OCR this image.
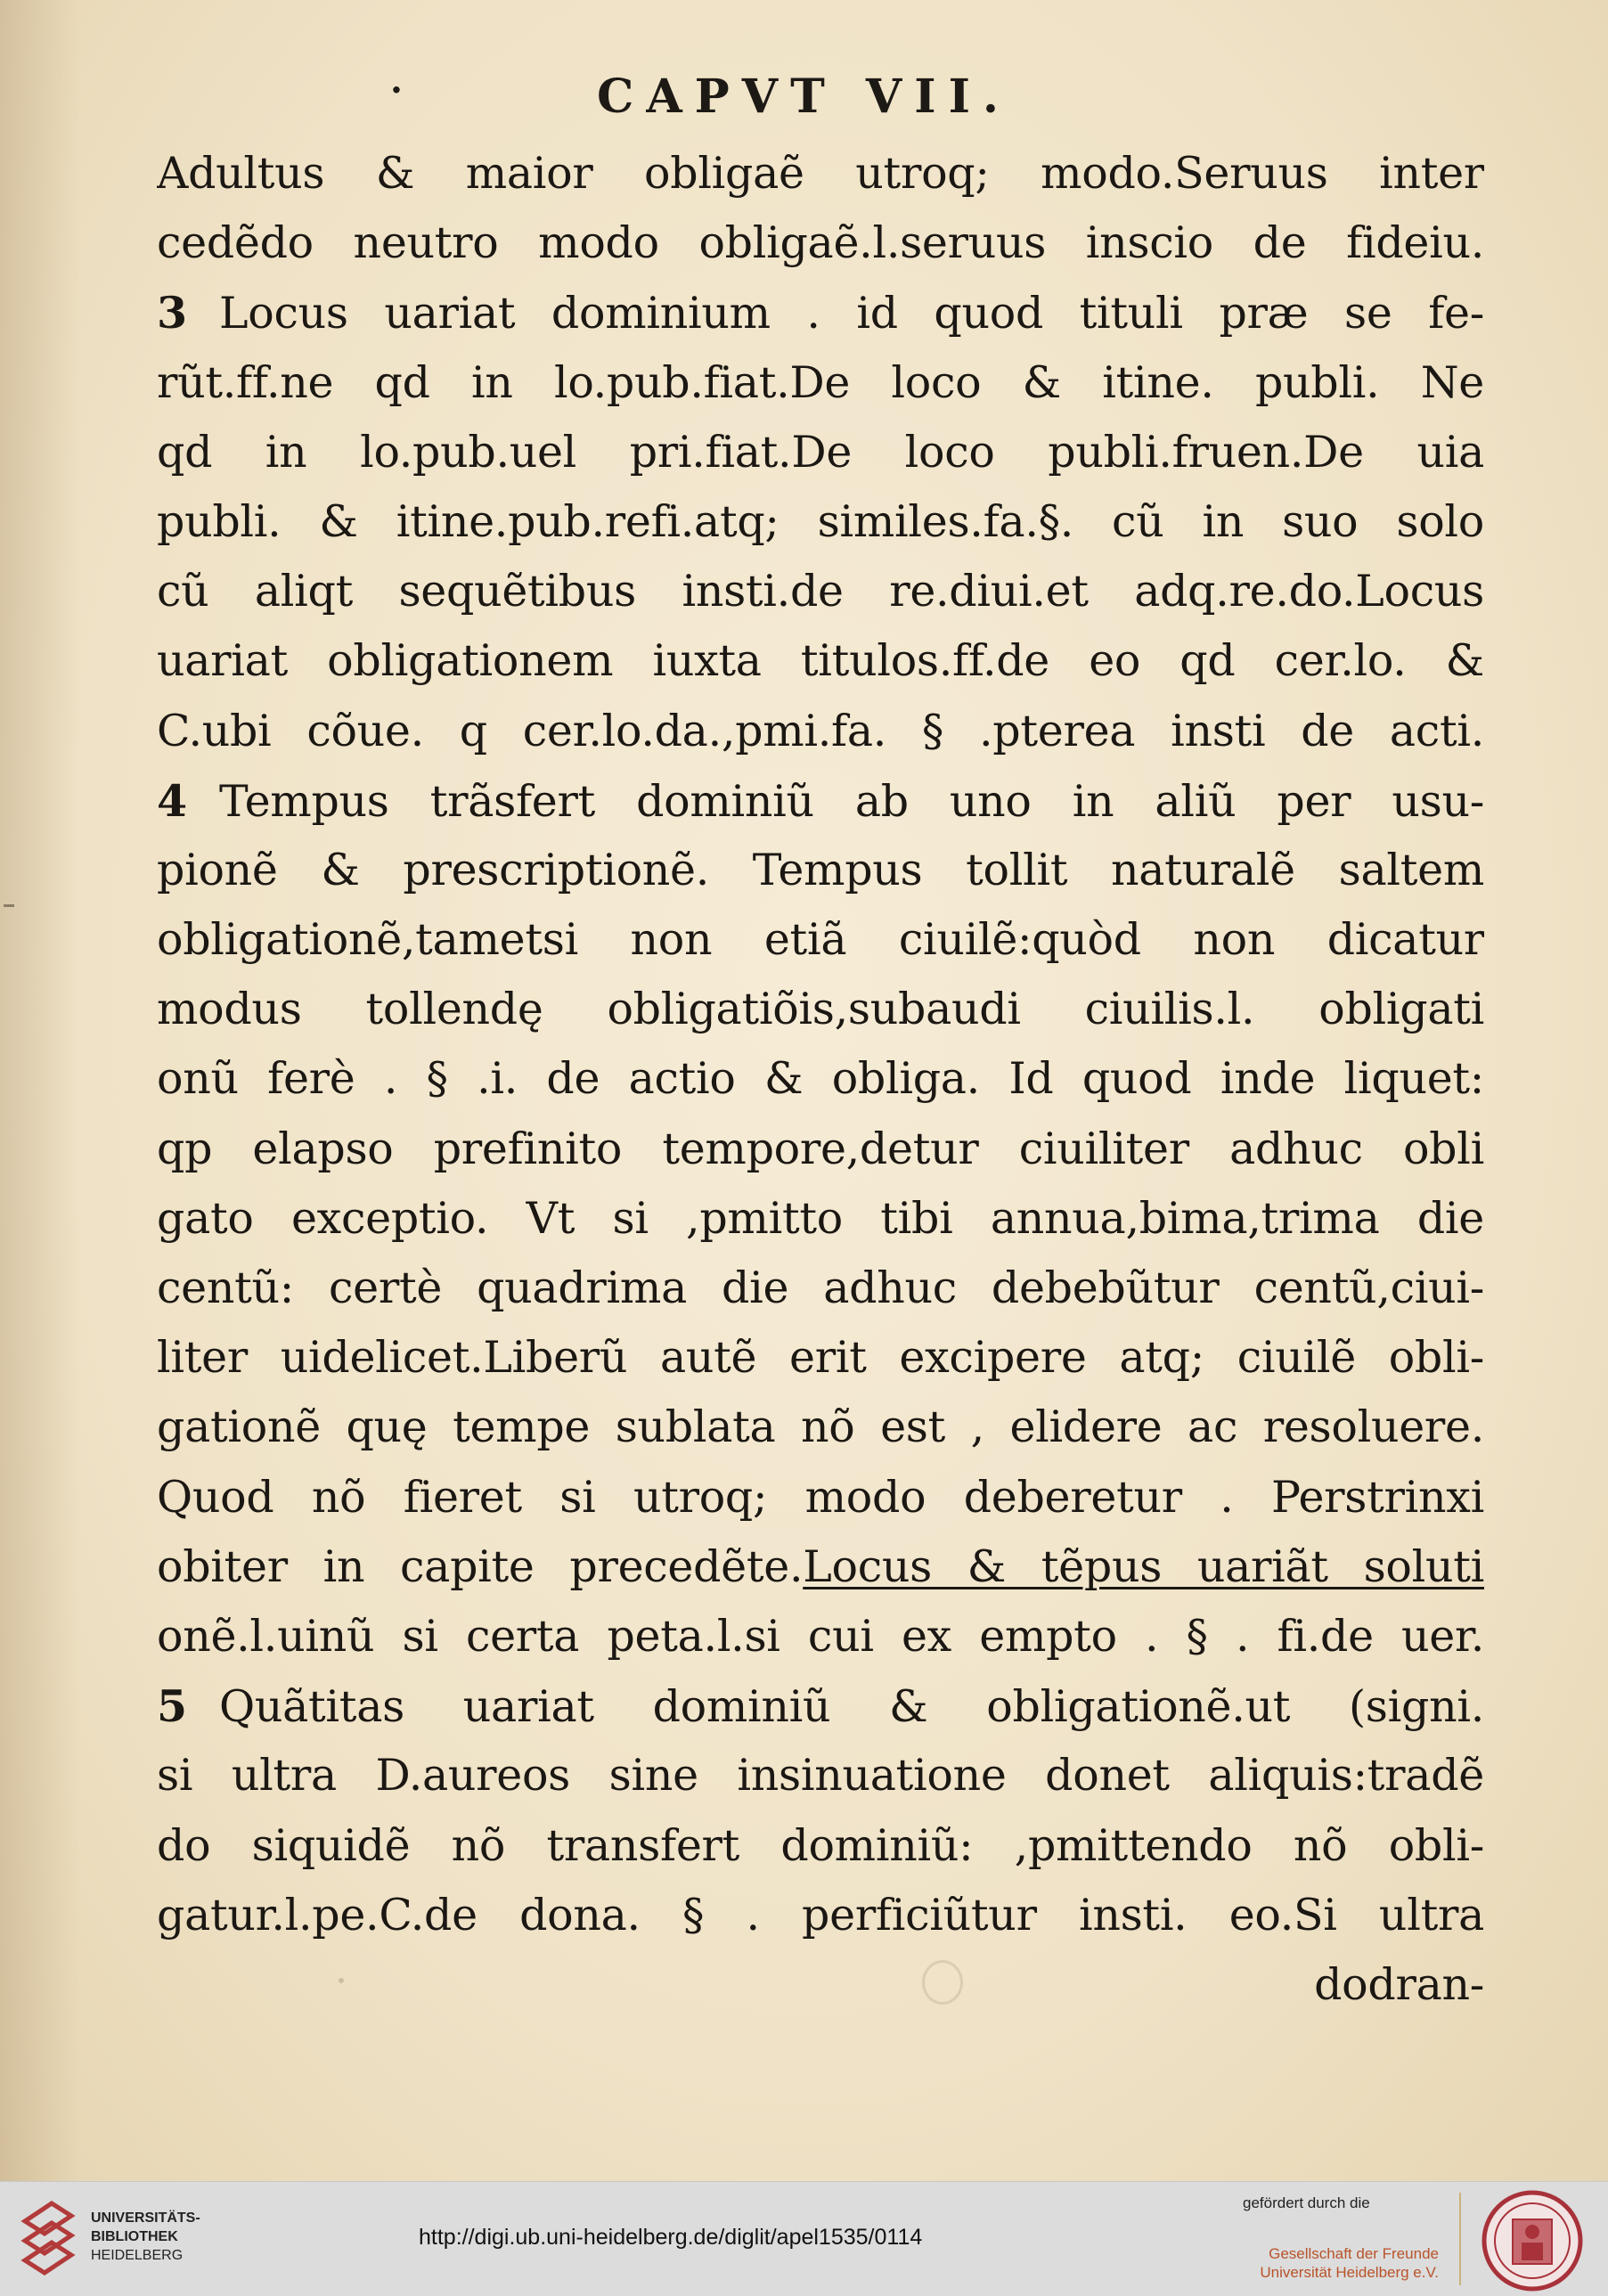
·	CAPVT VII.
Adultus & maior obligaẽ utroq; modo.Seruus inter
cedẽdo neutro modo obligaẽ.l.seruus inscio de fideiu.
3 Locus uariat dominium . id quod tituli præ se fe-
rũt.ff.ne qd in lo.pub.fiat.De loco & itine. publi. Ne
qd in lo.pub.uel pri.fiat.De loco publi.fruen.De uia
publi. & itine.pub.refi.atq; similes.fa.§. cũ in suo solo
cũ aliqt sequẽtibus insti.de re.diui.et adq.re.do.Locus
uariat obligationem iuxta titulos.ff.de eo qd cer.lo. &
C.ubi cõue. q cer.lo.da.,pmi.fa. § .pterea insti de acti.
4 Tempus trãsfert dominiũ ab uno in aliũ per usu-
pionẽ & prescriptionẽ. Tempus tollit naturalẽ saltem
obligationẽ,tametsi non etiã ciuilẽ:quòd non dicatur
modus tollendę obligatiõis,subaudi ciuilis.l. obligati
onũ ferè . § .i. de actio & obliga. Id quod inde liquet:
qp elapso prefinito tempore,detur ciuiliter adhuc obli
gato exceptio. Vt si ,pmitto tibi annua,bima,trima die
centũ: certè quadrima die adhuc debebũtur centũ,ciui-
liter uidelicet.Liberũ autẽ erit excipere atq; ciuilẽ obli-
gationẽ quę tempe sublata nõ est , elidere ac resoluere.
Quod nõ fieret si utroq; modo deberetur . Perstrinxi
obiter in capite precedẽte.Locus & tẽpus uariãt soluti
onẽ.l.uinũ si certa peta.l.si cui ex empto . § . fi.de uer.
5 Quãtitas uariat dominiũ & obligationẽ.ut (signi.
si ultra D.aureos sine insinuatione donet aliquis:tradẽ
do siquidẽ nõ transfert dominiũ: ,pmittendo nõ obli-
gatur.l.pe.C.de dona. § . perficiũtur insti. eo.Si ultra
dodran-
UNIVERSITÄTS-
BIBLIOTHEK
HEIDELBERG
http://digi.ub.uni-heidelberg.de/diglit/apel1535/0114
gefördert durch die
Gesellschaft der Freunde
Universität Heidelberg e.V.
